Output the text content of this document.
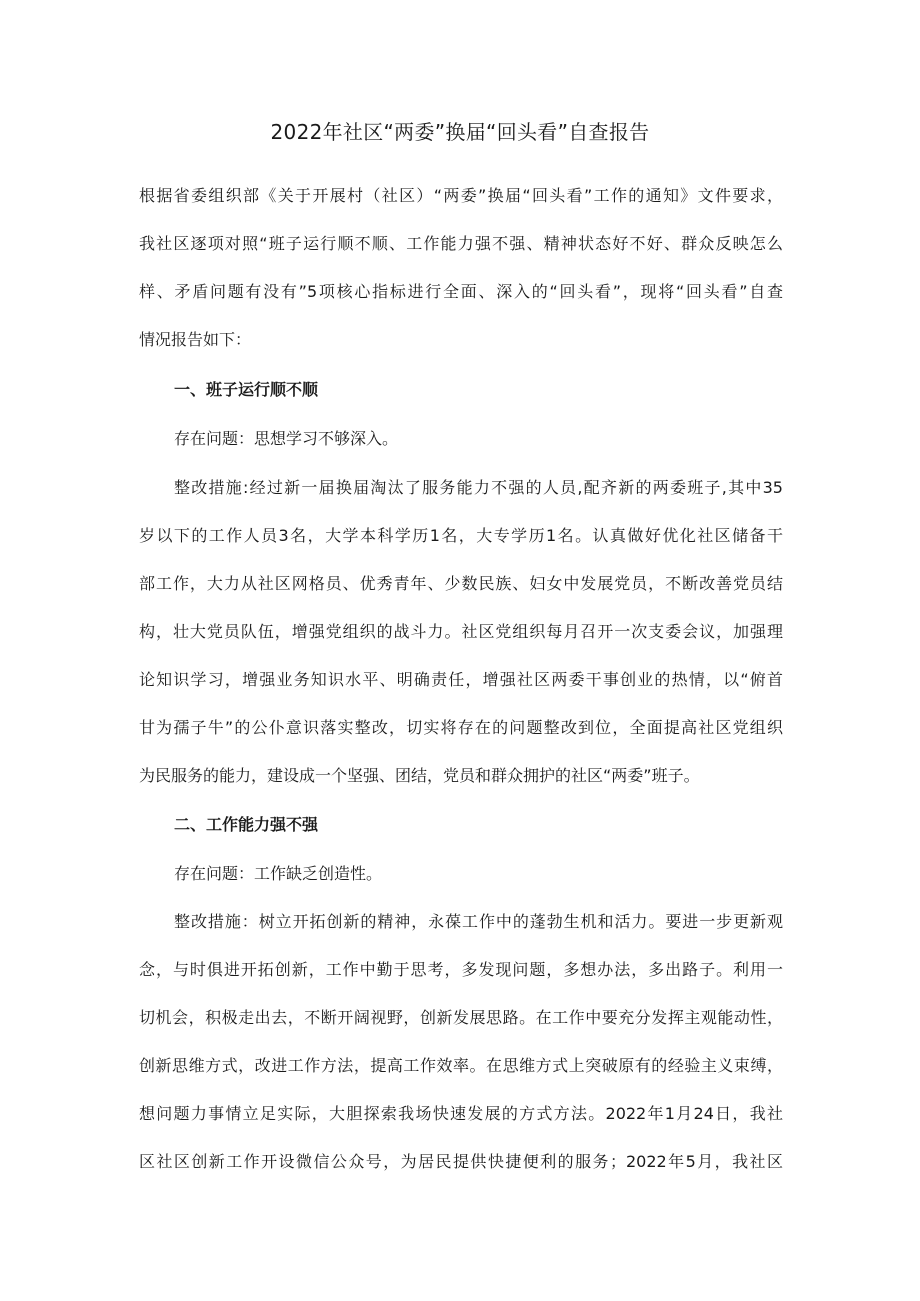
2022年社区“两委”换届“回头看”自查报告
根据省委组织部《关于开展村（社区）“两委”换届“回头看”工作的通知》文件要求，
我社区逐项对照“班子运行顺不顺、工作能力强不强、精神状态好不好、群众反映怎么
样、矛盾问题有没有”5项核心指标进行全面、深入的“回头看”，现将“回头看”自查
情况报告如下：
一、班子运行顺不顺
存在问题：思想学习不够深入。
整改措施:经过新一届换届淘汰了服务能力不强的人员,配齐新的两委班子,其中35
岁以下的工作人员3名，大学本科学历1名，大专学历1名。认真做好优化社区储备干
部工作，大力从社区网格员、优秀青年、少数民族、妇女中发展党员，不断改善党员结
构，壮大党员队伍，增强党组织的战斗力。社区党组织每月召开一次支委会议，加强理
论知识学习，增强业务知识水平、明确责任，增强社区两委干事创业的热情，以“俯首
甘为孺子牛”的公仆意识落实整改，切实将存在的问题整改到位，全面提高社区党组织
为民服务的能力，建设成一个坚强、团结，党员和群众拥护的社区“两委”班子。
二、工作能力强不强
存在问题：工作缺乏创造性。
整改措施：树立开拓创新的精神，永葆工作中的蓬勃生机和活力。要进一步更新观
念，与时俱进开拓创新，工作中勤于思考，多发现问题，多想办法，多出路子。利用一
切机会，积极走出去，不断开阔视野，创新发展思路。在工作中要充分发挥主观能动性，
创新思维方式，改进工作方法，提高工作效率。在思维方式上突破原有的经验主义束缚，
想问题力事情立足实际，大胆探索我场快速发展的方式方法。2022年1月24日，我社
区社区创新工作开设微信公众号，为居民提供快捷便利的服务；2022年5月，我社区
